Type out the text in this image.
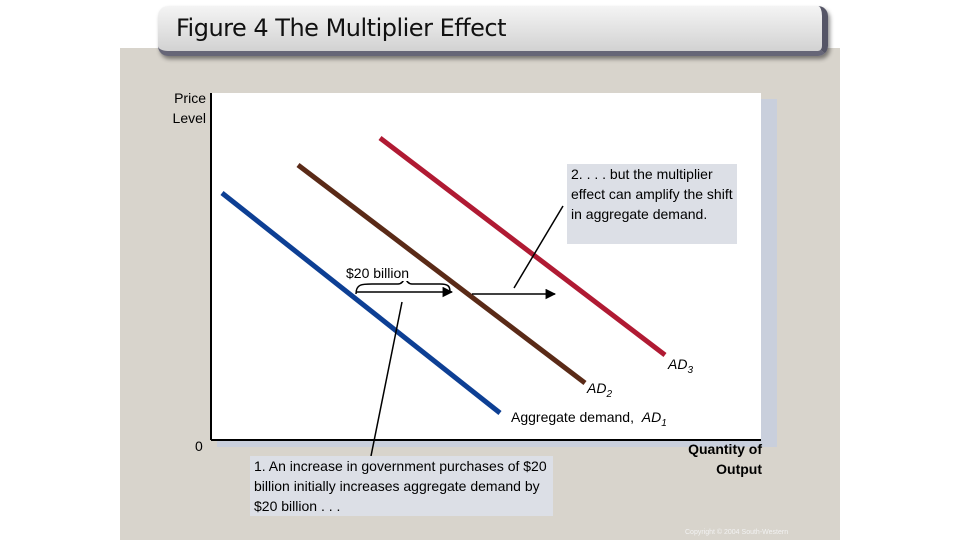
Figure 4 The Multiplier Effect
Price Level
0	Quantity of Output
$20 billion
2. . . . but the multiplier effect can amplify the shift in aggregate demand.
1. An increase in government purchases of $20 billion initially increases aggregate demand by $20 billion . . .
$AD_3$
$AD_2$
Aggregate demand, $AD_1$
Copyright © 2004 South-Western
